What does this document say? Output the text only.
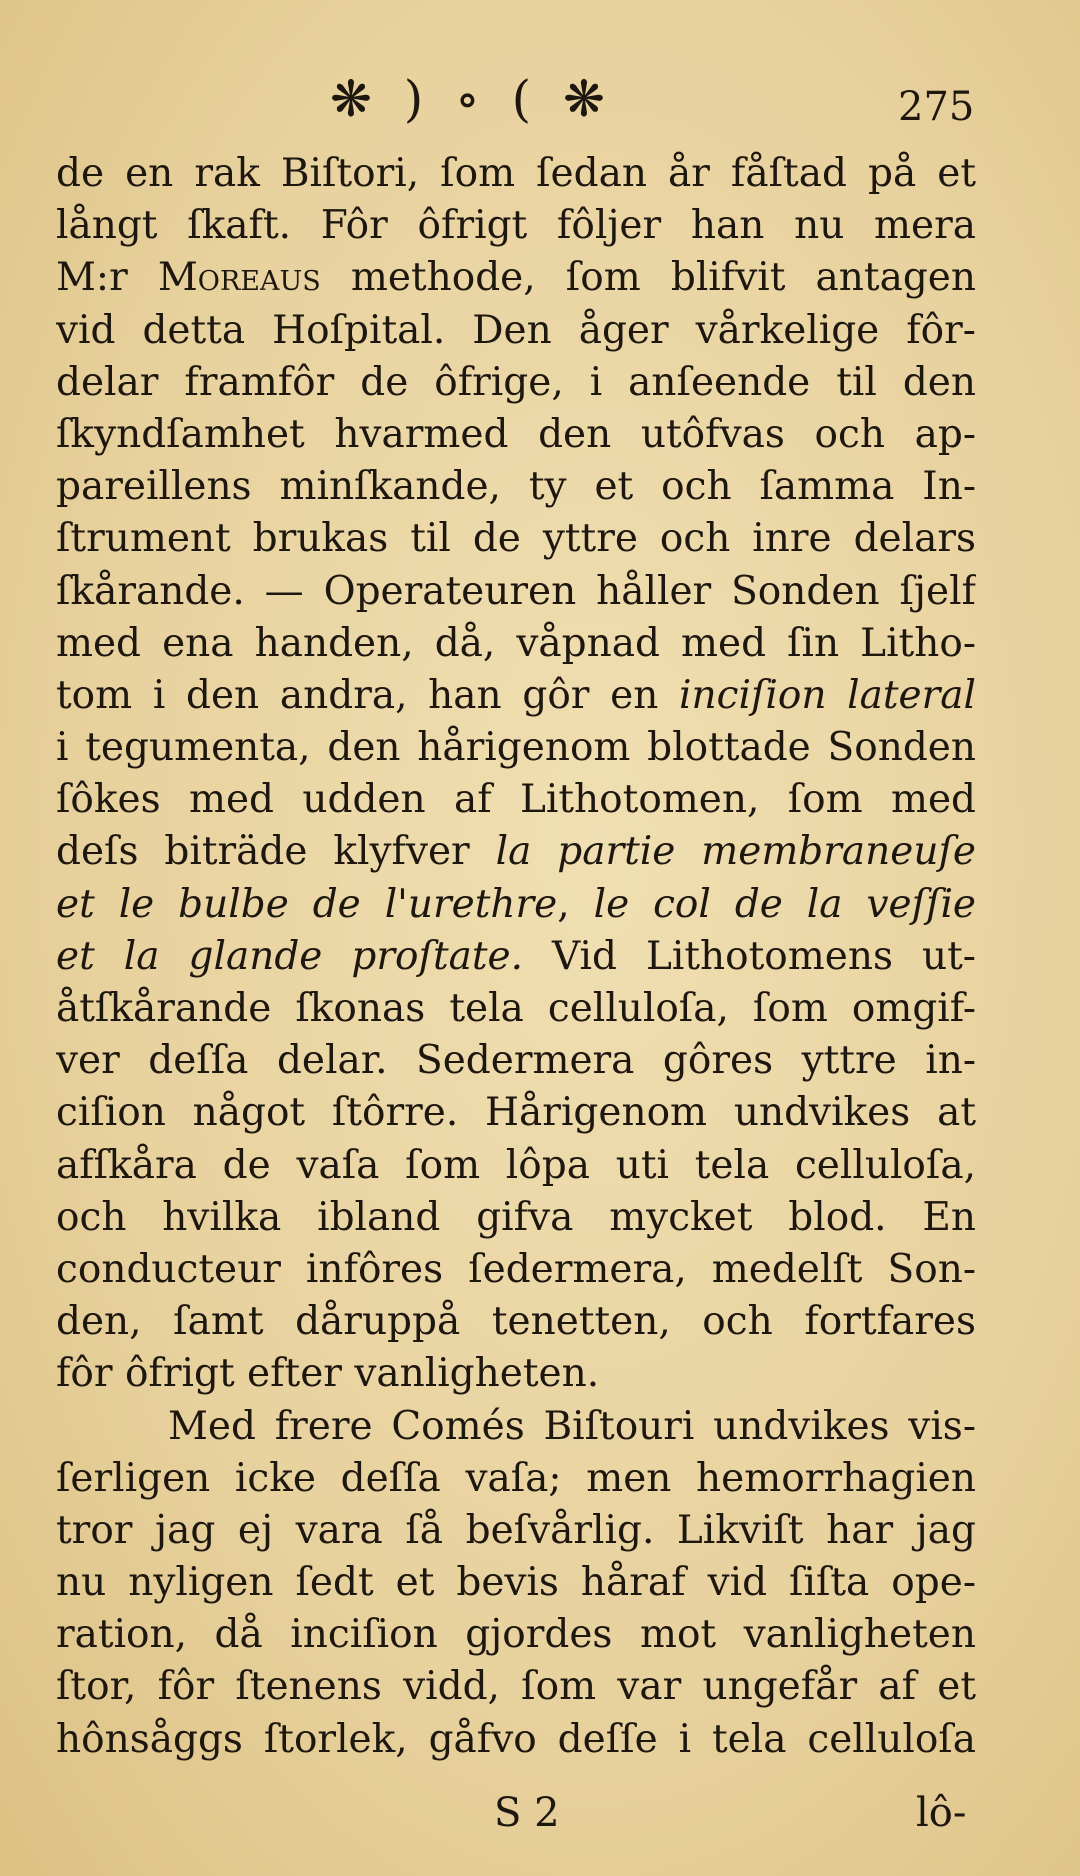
❋ ) ∘ ( ❋	275
de en rak Biſtori, ſom ſedan år fåſtad på et
långt ſkaft. Fôr ôfrigt fôljer han nu mera
M:r Moreaus methode, ſom blifvit antagen
vid detta Hoſpital. Den åger vårkelige fôr-
delar framfôr de ôfrige, i anſeende til den
ſkyndſamhet hvarmed den utôfvas och ap-
pareillens minſkande, ty et och ſamma In-
ſtrument brukas til de yttre och inre delars
ſkårande. — Operateuren håller Sonden ſjelf
med ena handen, då, våpnad med ſin Litho-
tom i den andra, han gôr en inciſion lateral
i tegumenta, den hårigenom blottade Sonden
ſôkes med udden af Lithotomen, ſom med
deſs biträde klyfver la partie membraneuſe
et le bulbe de l'urethre, le col de la veſſie
et la glande proſtate. Vid Lithotomens ut-
åtſkårande ſkonas tela celluloſa, ſom omgif-
ver deſſa delar. Sedermera gôres yttre in-
ciſion något ſtôrre. Hårigenom undvikes at
afſkåra de vaſa ſom lôpa uti tela celluloſa,
och hvilka ibland gifva mycket blod. En
conducteur infôres ſedermera, medelſt Son-
den, ſamt dåruppå tenetten, och fortfares
fôr ôfrigt efter vanligheten.
Med frere Comés Biſtouri undvikes vis-
ſerligen icke deſſa vaſa; men hemorrhagien
tror jag ej vara ſå beſvårlig. Likviſt har jag
nu nyligen ſedt et bevis håraf vid ſiſta ope-
ration, då inciſion gjordes mot vanligheten
ſtor, fôr ſtenens vidd, ſom var ungefår af et
hônsåggs ſtorlek, gåfvo deſſe i tela celluloſa
S 2	lô-
